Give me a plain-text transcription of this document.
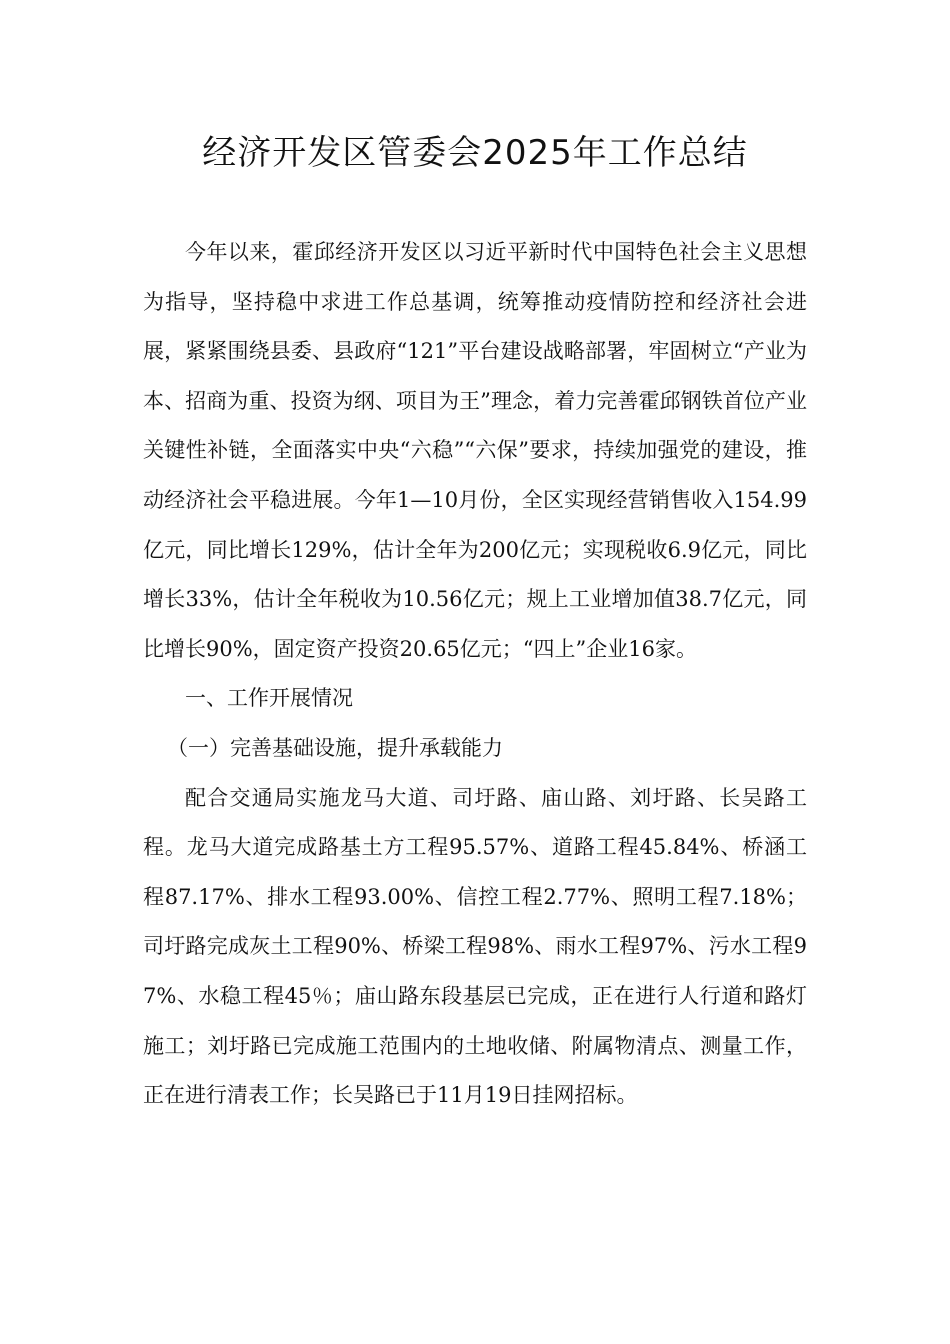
经济开发区管委会2025年工作总结

今年以来，霍邱经济开发区以习近平新时代中国特色社会主义思想为指导，坚持稳中求进工作总基调，统筹推动疫情防控和经济社会进展，紧紧围绕县委、县政府“121”平台建设战略部署，牢固树立“产业为本、招商为重、投资为纲、项目为王”理念，着力完善霍邱钢铁首位产业关键性补链，全面落实中央“六稳”“六保”要求，持续加强党的建设，推动经济社会平稳进展。今年1—10月份，全区实现经营销售收入154.99亿元，同比增长129%，估计全年为200亿元；实现税收6.9亿元，同比增长33%，估计全年税收为10.56亿元；规上工业增加值38.7亿元，同比增长90%，固定资产投资20.65亿元；“四上”企业16家。

一、工作开展情况

（一）完善基础设施，提升承载能力

配合交通局实施龙马大道、司圩路、庙山路、刘圩路、长吴路工程。龙马大道完成路基土方工程95.57%、道路工程45.84%、桥涵工程87.17%、排水工程93.00%、信控工程2.77%、照明工程7.18%；司圩路完成灰土工程90%、桥梁工程98%、雨水工程97%、污水工程97%、水稳工程45％；庙山路东段基层已完成，正在进行人行道和路灯施工；刘圩路已完成施工范围内的土地收储、附属物清点、测量工作，正在进行清表工作；长吴路已于11月19日挂网招标。
